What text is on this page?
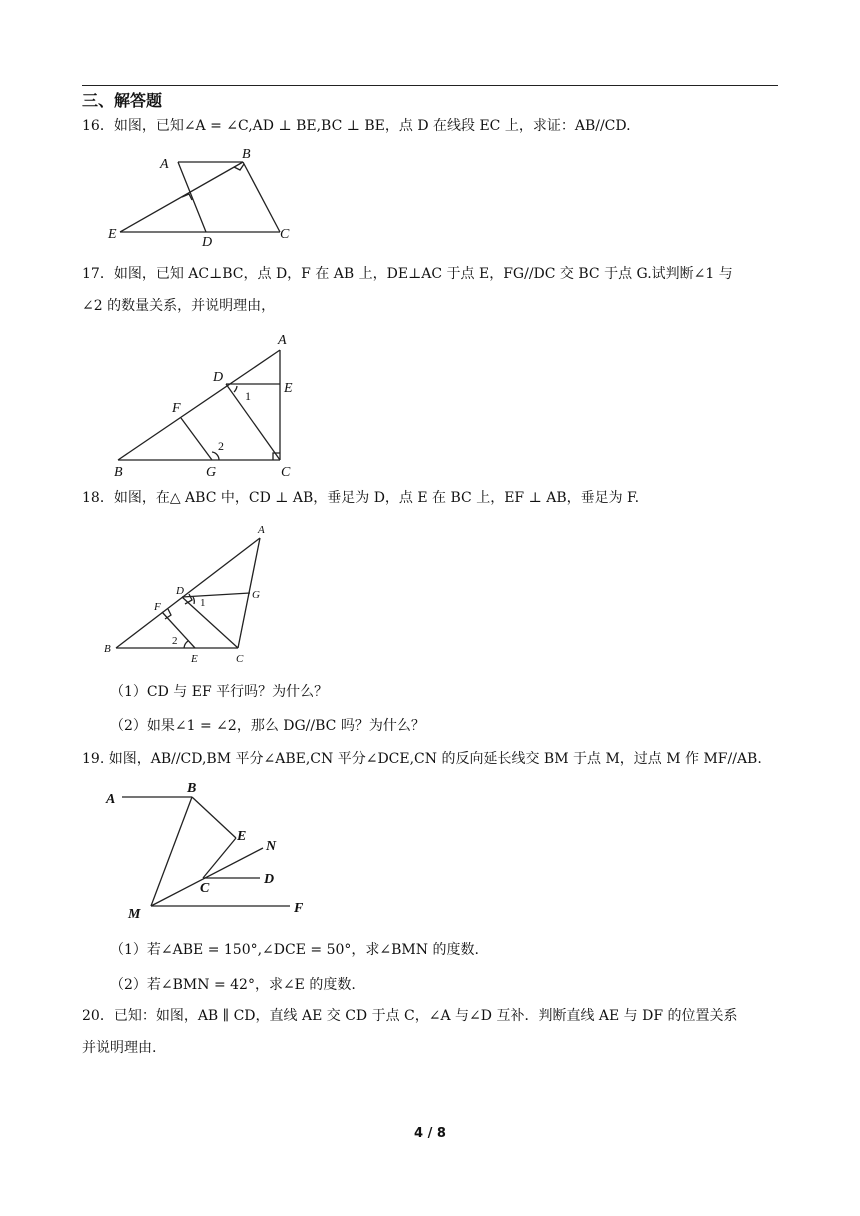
三、解答题
16．如图，已知∠A = ∠C,AD ⊥ BE,BC ⊥ BE，点 D 在线段 EC 上，求证：AB//CD.
A
B
C
D
E
17．如图，已知 AC⊥BC，点 D，F 在 AB 上，DE⊥AC 于点 E，FG//DC 交 BC 于点 G.试判断∠1 与
∠2 的数量关系，并说明理由，
A
B	C
D
E
F
G
1
2
18．如图，在△ ABC 中，CD ⊥ AB，垂足为 D，点 E 在 BC 上，EF ⊥ AB，垂足为 F.
A
B
C
D
E
F
G
1
2
（1）CD 与 EF 平行吗？为什么？
（2）如果∠1 = ∠2，那么 DG//BC 吗？为什么？
19. 如图，AB//CD,BM 平分∠ABE,CN 平分∠DCE,CN 的反向延长线交 BM 于点 M，过点 M 作 MF//AB.
A
B
C
D
E
F
M
N
（1）若∠ABE = 150°,∠DCE = 50°，求∠BMN 的度数.
（2）若∠BMN = 42°，求∠E 的度数.
20．已知：如图，AB ∥ CD，直线 AE 交 CD 于点 C，∠A 与∠D 互补．判断直线 AE 与 DF 的位置关系
并说明理由.
4 / 8
